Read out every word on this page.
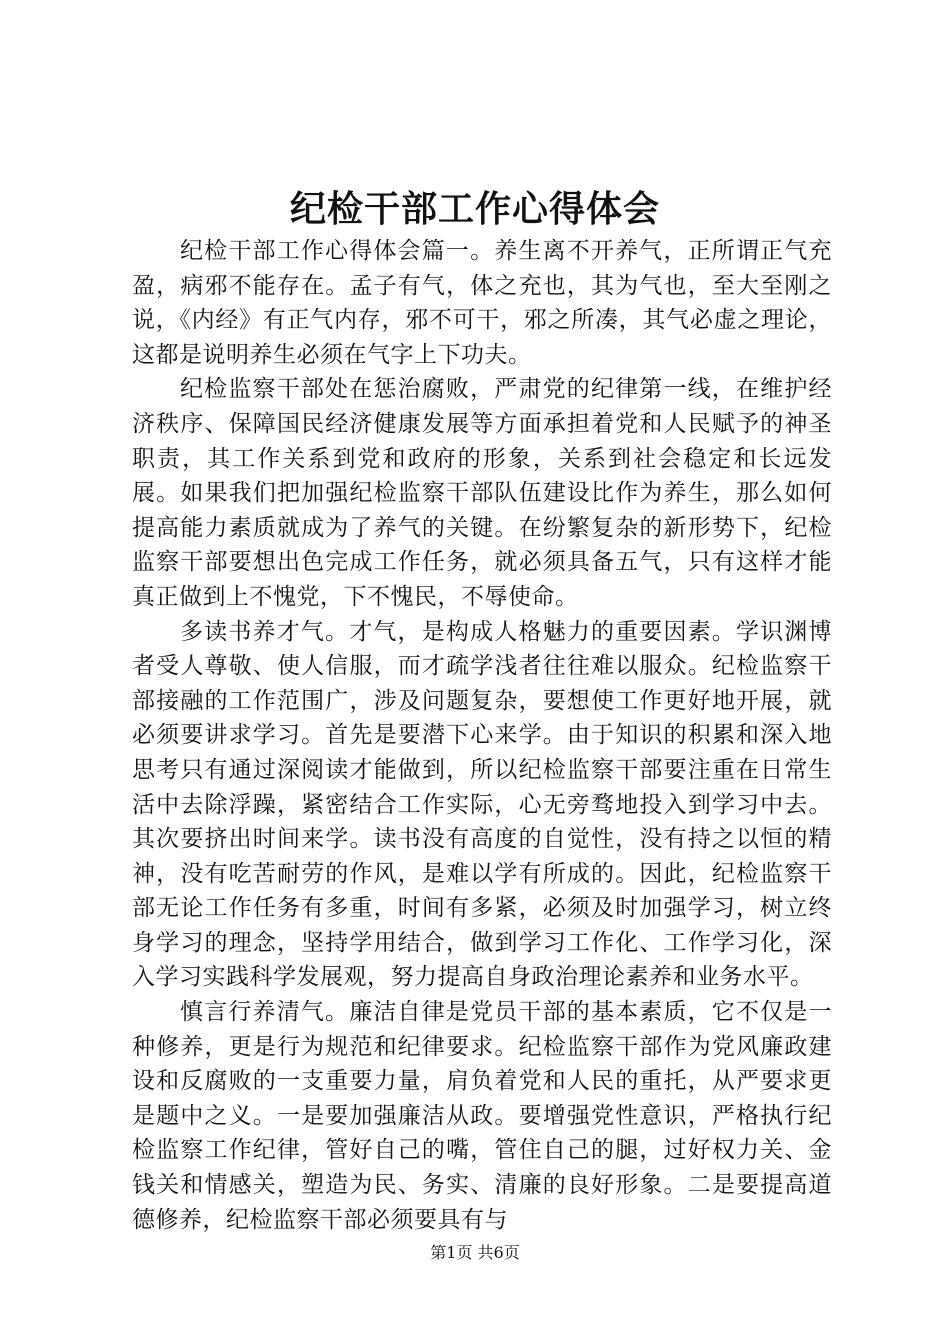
纪检干部工作心得体会

纪检干部工作心得体会篇一。养生离不开养气，正所谓正气充盈，病邪不能存在。孟子有气，体之充也，其为气也，至大至刚之说，《内经》有正气内存，邪不可干，邪之所凑，其气必虚之理论，这都是说明养生必须在气字上下功夫。

纪检监察干部处在惩治腐败，严肃党的纪律第一线，在维护经济秩序、保障国民经济健康发展等方面承担着党和人民赋予的神圣职责，其工作关系到党和政府的形象，关系到社会稳定和长远发展。如果我们把加强纪检监察干部队伍建设比作为养生，那么如何提高能力素质就成为了养气的关键。在纷繁复杂的新形势下，纪检监察干部要想出色完成工作任务，就必须具备五气，只有这样才能真正做到上不愧党，下不愧民，不辱使命。

多读书养才气。才气，是构成人格魅力的重要因素。学识渊博者受人尊敬、使人信服，而才疏学浅者往往难以服众。纪检监察干部接融的工作范围广，涉及问题复杂，要想使工作更好地开展，就必须要讲求学习。首先是要潜下心来学。由于知识的积累和深入地思考只有通过深阅读才能做到，所以纪检监察干部要注重在日常生活中去除浮躁，紧密结合工作实际，心无旁骛地投入到学习中去。其次要挤出时间来学。读书没有高度的自觉性，没有持之以恒的精神，没有吃苦耐劳的作风，是难以学有所成的。因此，纪检监察干部无论工作任务有多重，时间有多紧，必须及时加强学习，树立终身学习的理念，坚持学用结合，做到学习工作化、工作学习化，深入学习实践科学发展观，努力提高自身政治理论素养和业务水平。

慎言行养清气。廉洁自律是党员干部的基本素质，它不仅是一种修养，更是行为规范和纪律要求。纪检监察干部作为党风廉政建设和反腐败的一支重要力量，肩负着党和人民的重托，从严要求更是题中之义。一是要加强廉洁从政。要增强党性意识，严格执行纪检监察工作纪律，管好自己的嘴，管住自己的腿，过好权力关、金钱关和情感关，塑造为民、务实、清廉的良好形象。二是要提高道德修养，纪检监察干部必须要具有与

第1页 共6页
